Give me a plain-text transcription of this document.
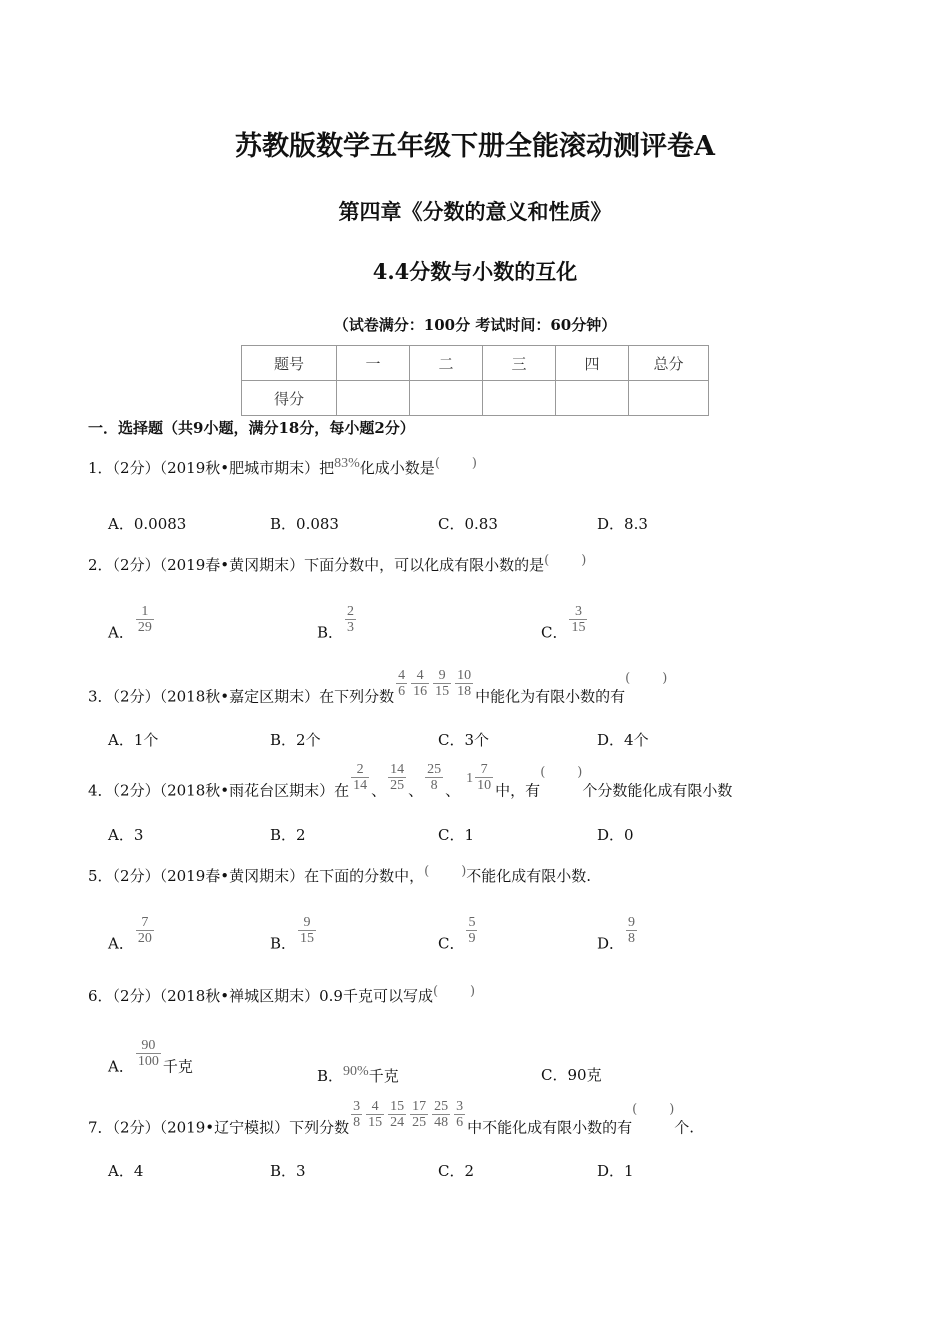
苏教版数学五年级下册全能滚动测评卷A
第四章《分数的意义和性质》
4.4分数与小数的互化
（试卷满分：100分 考试时间：60分钟）
题号	一	二	三	四	总分
得分					
一．选择题（共9小题，满分18分，每小题2分）
1．（2分）（2019秋•肥城市期末）把83%化成小数是( )
A．0.0083	B．0.083	C．0.83	D．8.3
2．（2分）（2019春•黄冈期末）下面分数中，可以化成有限小数的是( )
A． $\frac{1}{29}$	B． $\frac{2}{3}$	C． $\frac{3}{15}$
3．（2分）（2018秋•嘉定区期末）在下列分数 $\frac{4}{6} \frac{4}{16} \frac{9}{15} \frac{10}{18}$ 中能化为有限小数的有( )
A．1个	B．2个	C．3个	D．4个
4．（2分）（2018秋•雨花台区期末）在 $\frac{2}{14}$ 、 $\frac{14}{25}$ 、 $\frac{25}{8}$ 、$1 \frac{7}{10}$ 中，有( )个分数能化成有限小数
A．3	B．2	C．1	D．0
5．（2分）（2019春•黄冈期末）在下面的分数中，( )不能化成有限小数.
A． $\frac{7}{20}$	B． $\frac{9}{15}$	C． $\frac{5}{9}$	D． $\frac{9}{8}$
6．（2分）（2018秋•禅城区期末）0.9千克可以写成( )
A． $\frac{90}{100}$ 千克
B．90%千克	C．90克
7．（2分）（2019•辽宁模拟）下列分数 $\frac{3}{8} \frac{4}{15} \frac{15}{24} \frac{17}{25} \frac{25}{48} \frac{3}{6}$ 中不能化成有限小数的有( )个.
A．4	B．3	C．2	D．1
